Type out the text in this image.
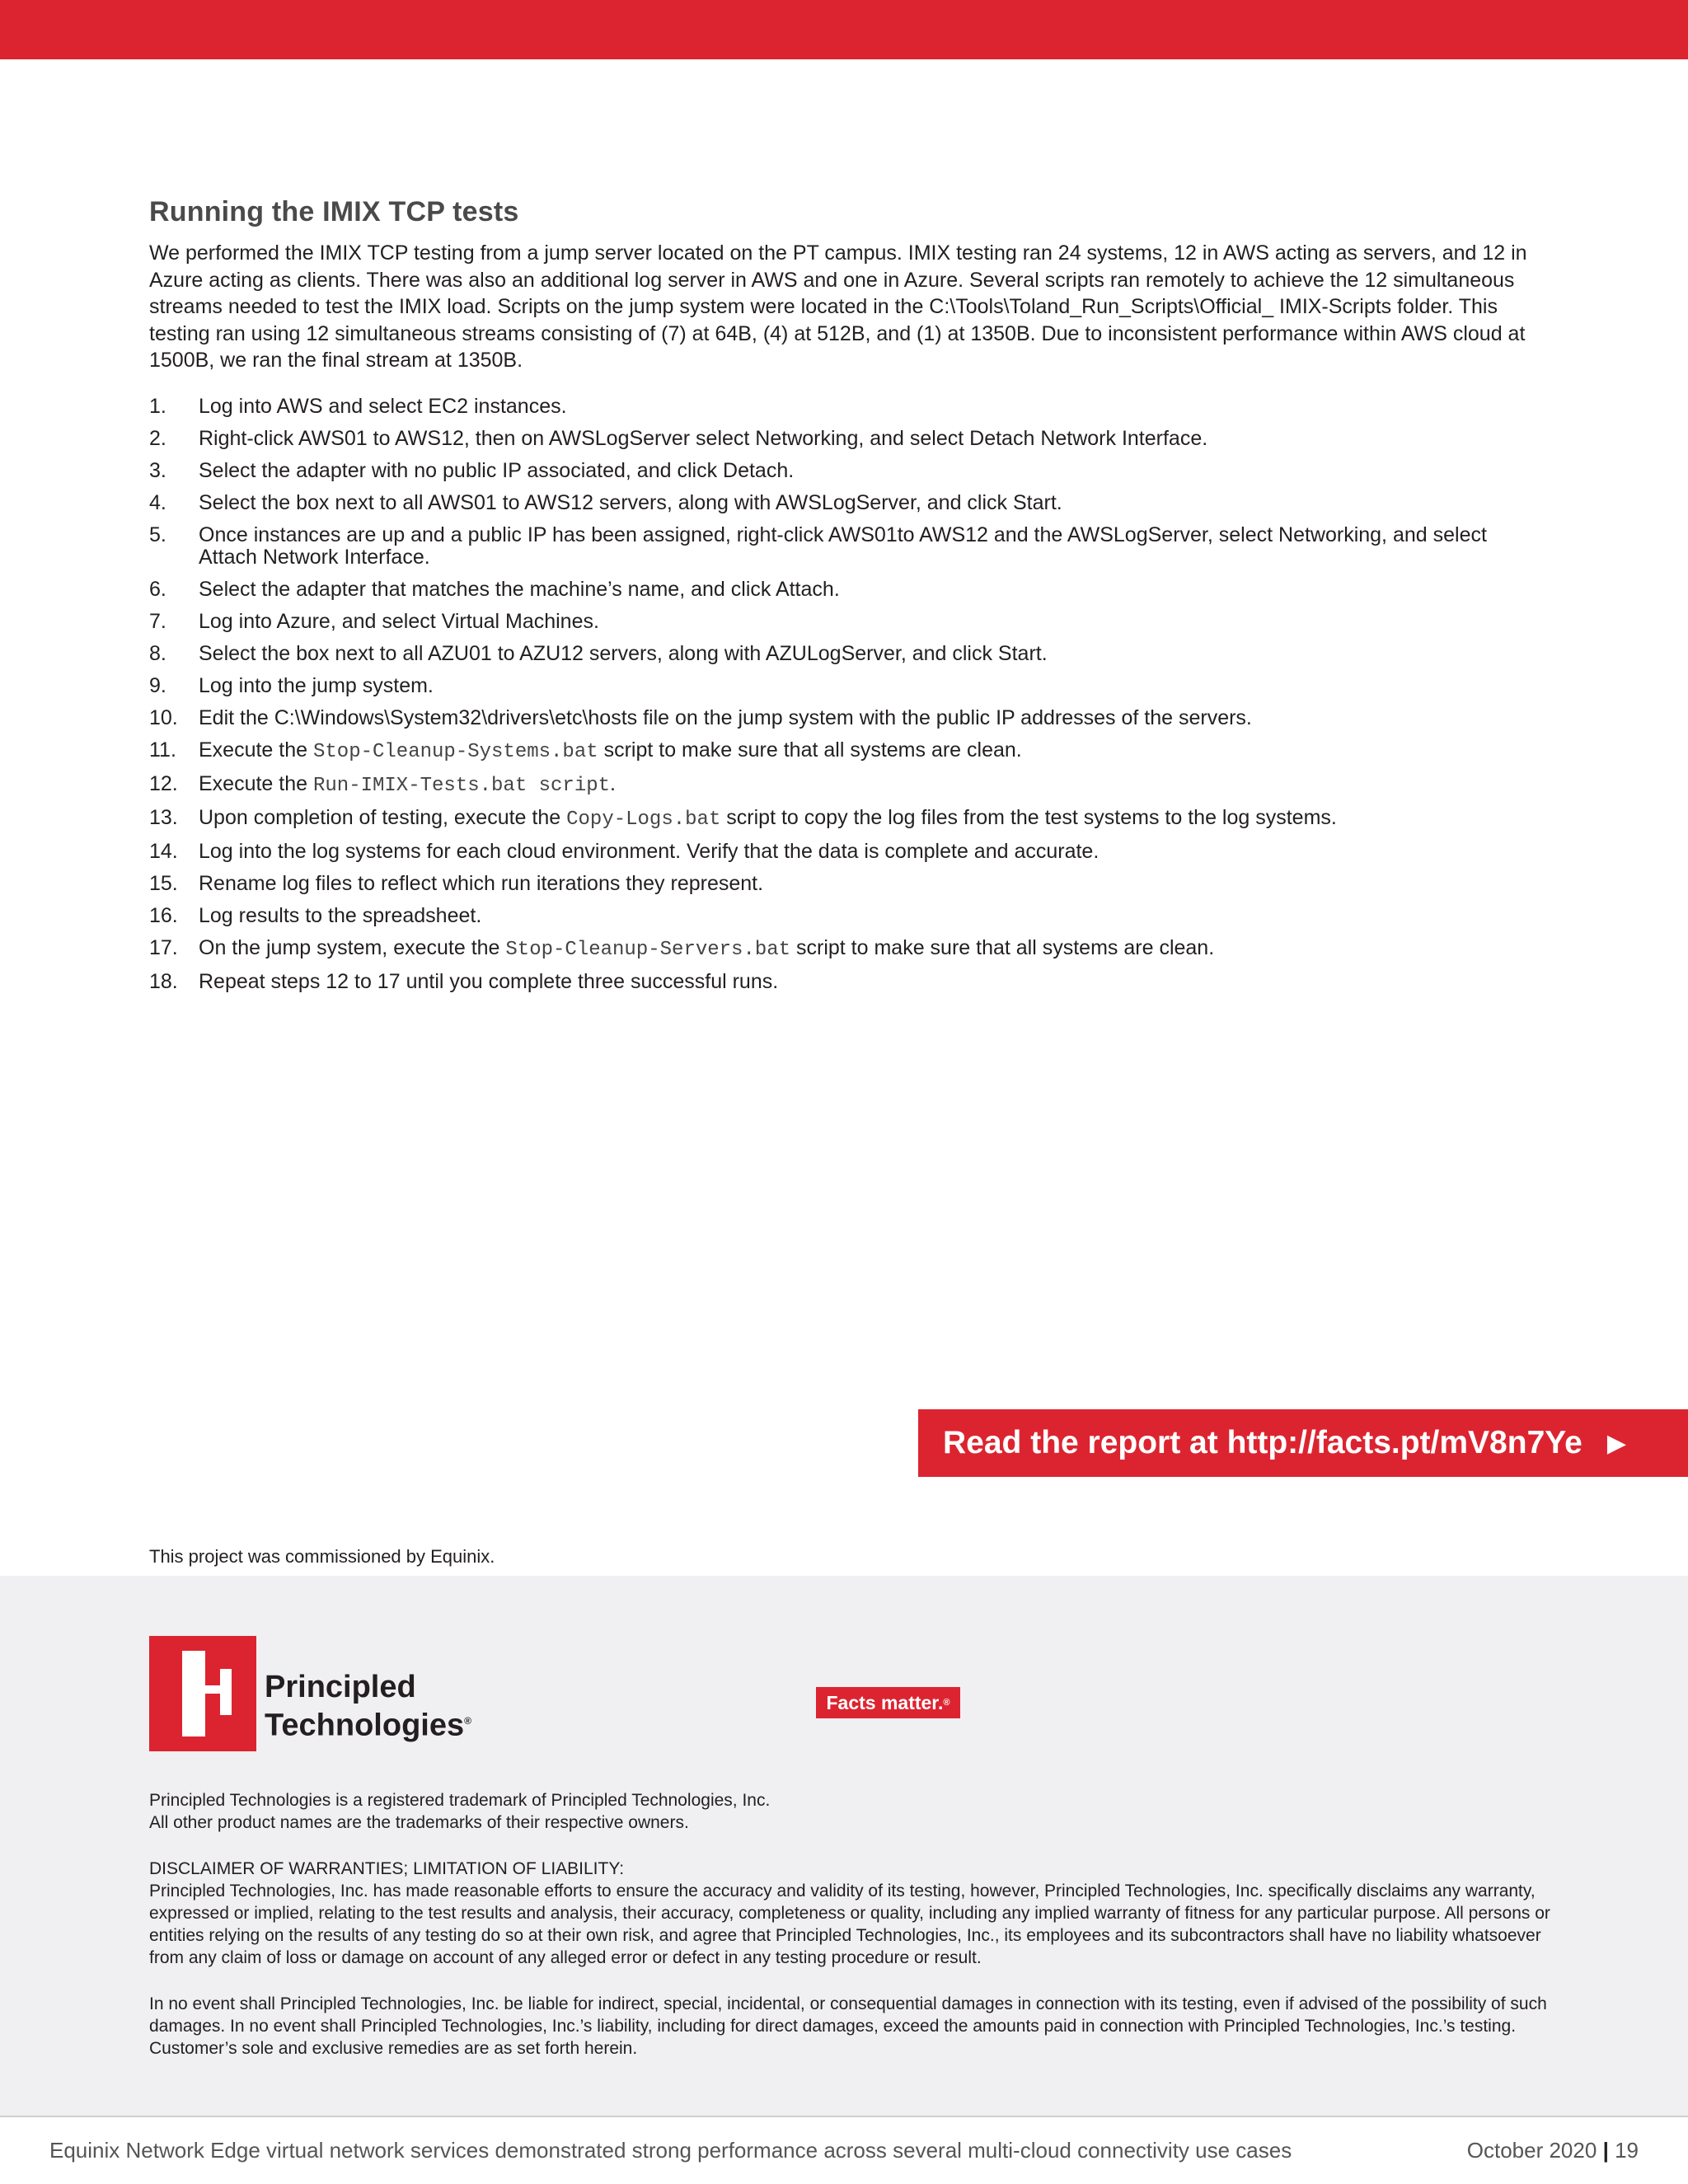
Running the IMIX TCP tests

We performed the IMIX TCP testing from a jump server located on the PT campus. IMIX testing ran 24 systems, 12 in AWS acting as servers, and 12 in Azure acting as clients. There was also an additional log server in AWS and one in Azure. Several scripts ran remotely to achieve the 12 simultaneous streams needed to test the IMIX load. Scripts on the jump system were located in the C:\Tools\Toland_Run_Scripts\Official_ IMIX-Scripts folder. This testing ran using 12 simultaneous streams consisting of (7) at 64B, (4) at 512B, and (1) at 1350B. Due to inconsistent performance within AWS cloud at 1500B, we ran the final stream at 1350B.

1. Log into AWS and select EC2 instances.
2. Right-click AWS01 to AWS12, then on AWSLogServer select Networking, and select Detach Network Interface.
3. Select the adapter with no public IP associated, and click Detach.
4. Select the box next to all AWS01 to AWS12 servers, along with AWSLogServer, and click Start.
5. Once instances are up and a public IP has been assigned, right-click AWS01to AWS12 and the AWSLogServer, select Networking, and select Attach Network Interface.
6. Select the adapter that matches the machine’s name, and click Attach.
7. Log into Azure, and select Virtual Machines.
8. Select the box next to all AZU01 to AZU12 servers, along with AZULogServer, and click Start.
9. Log into the jump system.
10. Edit the C:\Windows\System32\drivers\etc\hosts file on the jump system with the public IP addresses of the servers.
11. Execute the Stop-Cleanup-Systems.bat script to make sure that all systems are clean.
12. Execute the Run-IMIX-Tests.bat script.
13. Upon completion of testing, execute the Copy-Logs.bat script to copy the log files from the test systems to the log systems.
14. Log into the log systems for each cloud environment. Verify that the data is complete and accurate.
15. Rename log files to reflect which run iterations they represent.
16. Log results to the spreadsheet.
17. On the jump system, execute the Stop-Cleanup-Servers.bat script to make sure that all systems are clean.
18. Repeat steps 12 to 17 until you complete three successful runs.
Read the report at http://facts.pt/mV8n7Ye ▶
This project was commissioned by Equinix.
Principled
Technologies®
Facts matter. ®

Principled Technologies is a registered trademark of Principled Technologies, Inc.

All other product names are the trademarks of their respective owners.

DISCLAIMER OF WARRANTIES; LIMITATION OF LIABILITY:

Principled Technologies, Inc. has made reasonable efforts to ensure the accuracy and validity of its testing, however, Principled Technologies, Inc. specifically disclaims any warranty, expressed or implied, relating to the test results and analysis, their accuracy, completeness or quality, including any implied warranty of fitness for any particular purpose. All persons or entities relying on the results of any testing do so at their own risk, and agree that Principled Technologies, Inc., its employees and its subcontractors shall have no liability whatsoever from any claim of loss or damage on account of any alleged error or defect in any testing procedure or result.

In no event shall Principled Technologies, Inc. be liable for indirect, special, incidental, or consequential damages in connection with its testing, even if advised of the possibility of such damages. In no event shall Principled Technologies, Inc.’s liability, including for direct damages, exceed the amounts paid in connection with Principled Technologies, Inc.’s testing. Customer’s sole and exclusive remedies are as set forth herein.

Equinix Network Edge virtual network services demonstrated strong performance across several multi-cloud connectivity use cases	October 2020 | 19
